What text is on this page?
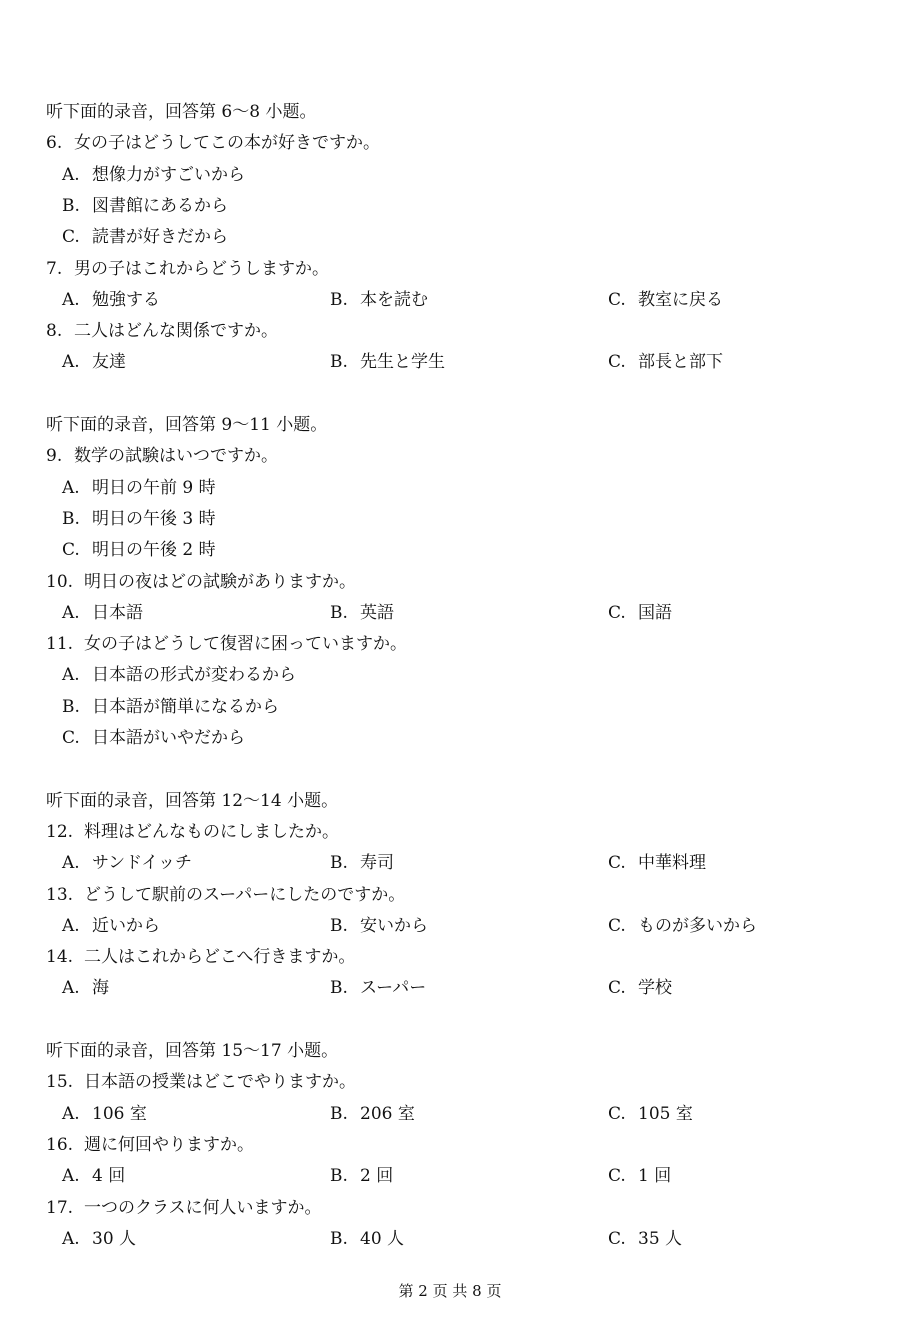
第 2 页 共 8 页
听下面的录音，回答第 6～8 小题。
6. 女の子はどうしてこの本が好きですか。
A. 想像力がすごいから
B. 図書館にあるから
C. 読書が好きだから
7. 男の子はこれからどうしますか。
A. 勉強する	B. 本を読む	C. 教室に戻る
8. 二人はどんな関係ですか。
A. 友達	B. 先生と学生	C. 部長と部下
听下面的录音，回答第 9～11 小题。
9. 数学の試験はいつですか。
A. 明日の午前 9 時
B. 明日の午後 3 時
C. 明日の午後 2 時
10. 明日の夜はどの試験がありますか。
A. 日本語	B. 英語	C. 国語
11. 女の子はどうして復習に困っていますか。
A. 日本語の形式が変わるから
B. 日本語が簡単になるから
C. 日本語がいやだから
听下面的录音，回答第 12～14 小题。
12. 料理はどんなものにしましたか。
A. サンドイッチ	B. 寿司	C. 中華料理
13. どうして駅前のスーパーにしたのですか。
A. 近いから	B. 安いから	C. ものが多いから
14. 二人はこれからどこへ行きますか。
A. 海	B. スーパー	C. 学校
听下面的录音，回答第 15～17 小题。
15. 日本語の授業はどこでやりますか。
A. 106 室	B. 206 室	C. 105 室
16. 週に何回やりますか。
A. 4 回	B. 2 回	C. 1 回
17. 一つのクラスに何人いますか。
A. 30 人	B. 40 人	C. 35 人
